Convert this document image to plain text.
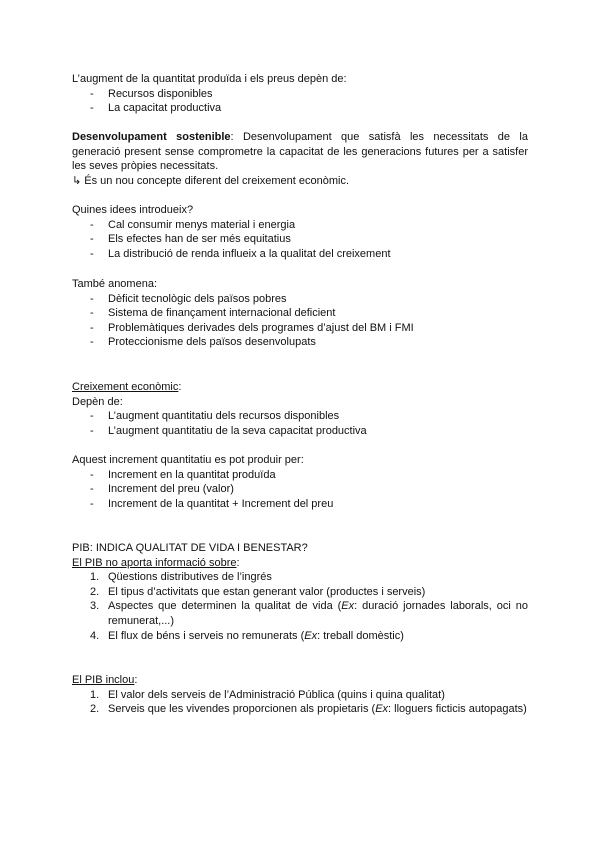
L’augment de la quantitat produïda i els preus depèn de:

- Recursos disponibles
- La capacitat productiva

Desenvolupament sostenible: Desenvolupament que satisfà les necessitats de la generació present sense comprometre la capacitat de les generacions futures per a satisfer les seves pròpies necessitats.

↳ És un nou concepte diferent del creixement econòmic.

Quines idees introdueix?

- Cal consumir menys material i energia
- Els efectes han de ser més equitatius
- La distribució de renda influeix a la qualitat del creixement

També anomena:

- Dèficit tecnològic dels països pobres
- Sistema de finançament internacional deficient
- Problemàtiques derivades dels programes d’ajust del BM i FMI
- Proteccionisme dels països desenvolupats

Creixement econòmic:

Depèn de:

- L’augment quantitatiu dels recursos disponibles
- L’augment quantitatiu de la seva capacitat productiva

Aquest increment quantitatiu es pot produir per:

- Increment en la quantitat produïda
- Increment del preu (valor)
- Increment de la quantitat + Increment del preu

PIB: INDICA QUALITAT DE VIDA I BENESTAR?

El PIB no aporta informació sobre:

1. Qüestions distributives de l’ingrés
2. El tipus d’activitats que estan generant valor (productes i serveis)
3. Aspectes que determinen la qualitat de vida (Ex: duració jornades laborals, oci no remunerat,...)
4. El flux de béns i serveis no remunerats (Ex: treball domèstic)

El PIB inclou:

1. El valor dels serveis de l’Administració Pública (quins i quina qualitat)
2. Serveis que les vivendes proporcionen als propietaris (Ex: lloguers ficticis autopagats)
